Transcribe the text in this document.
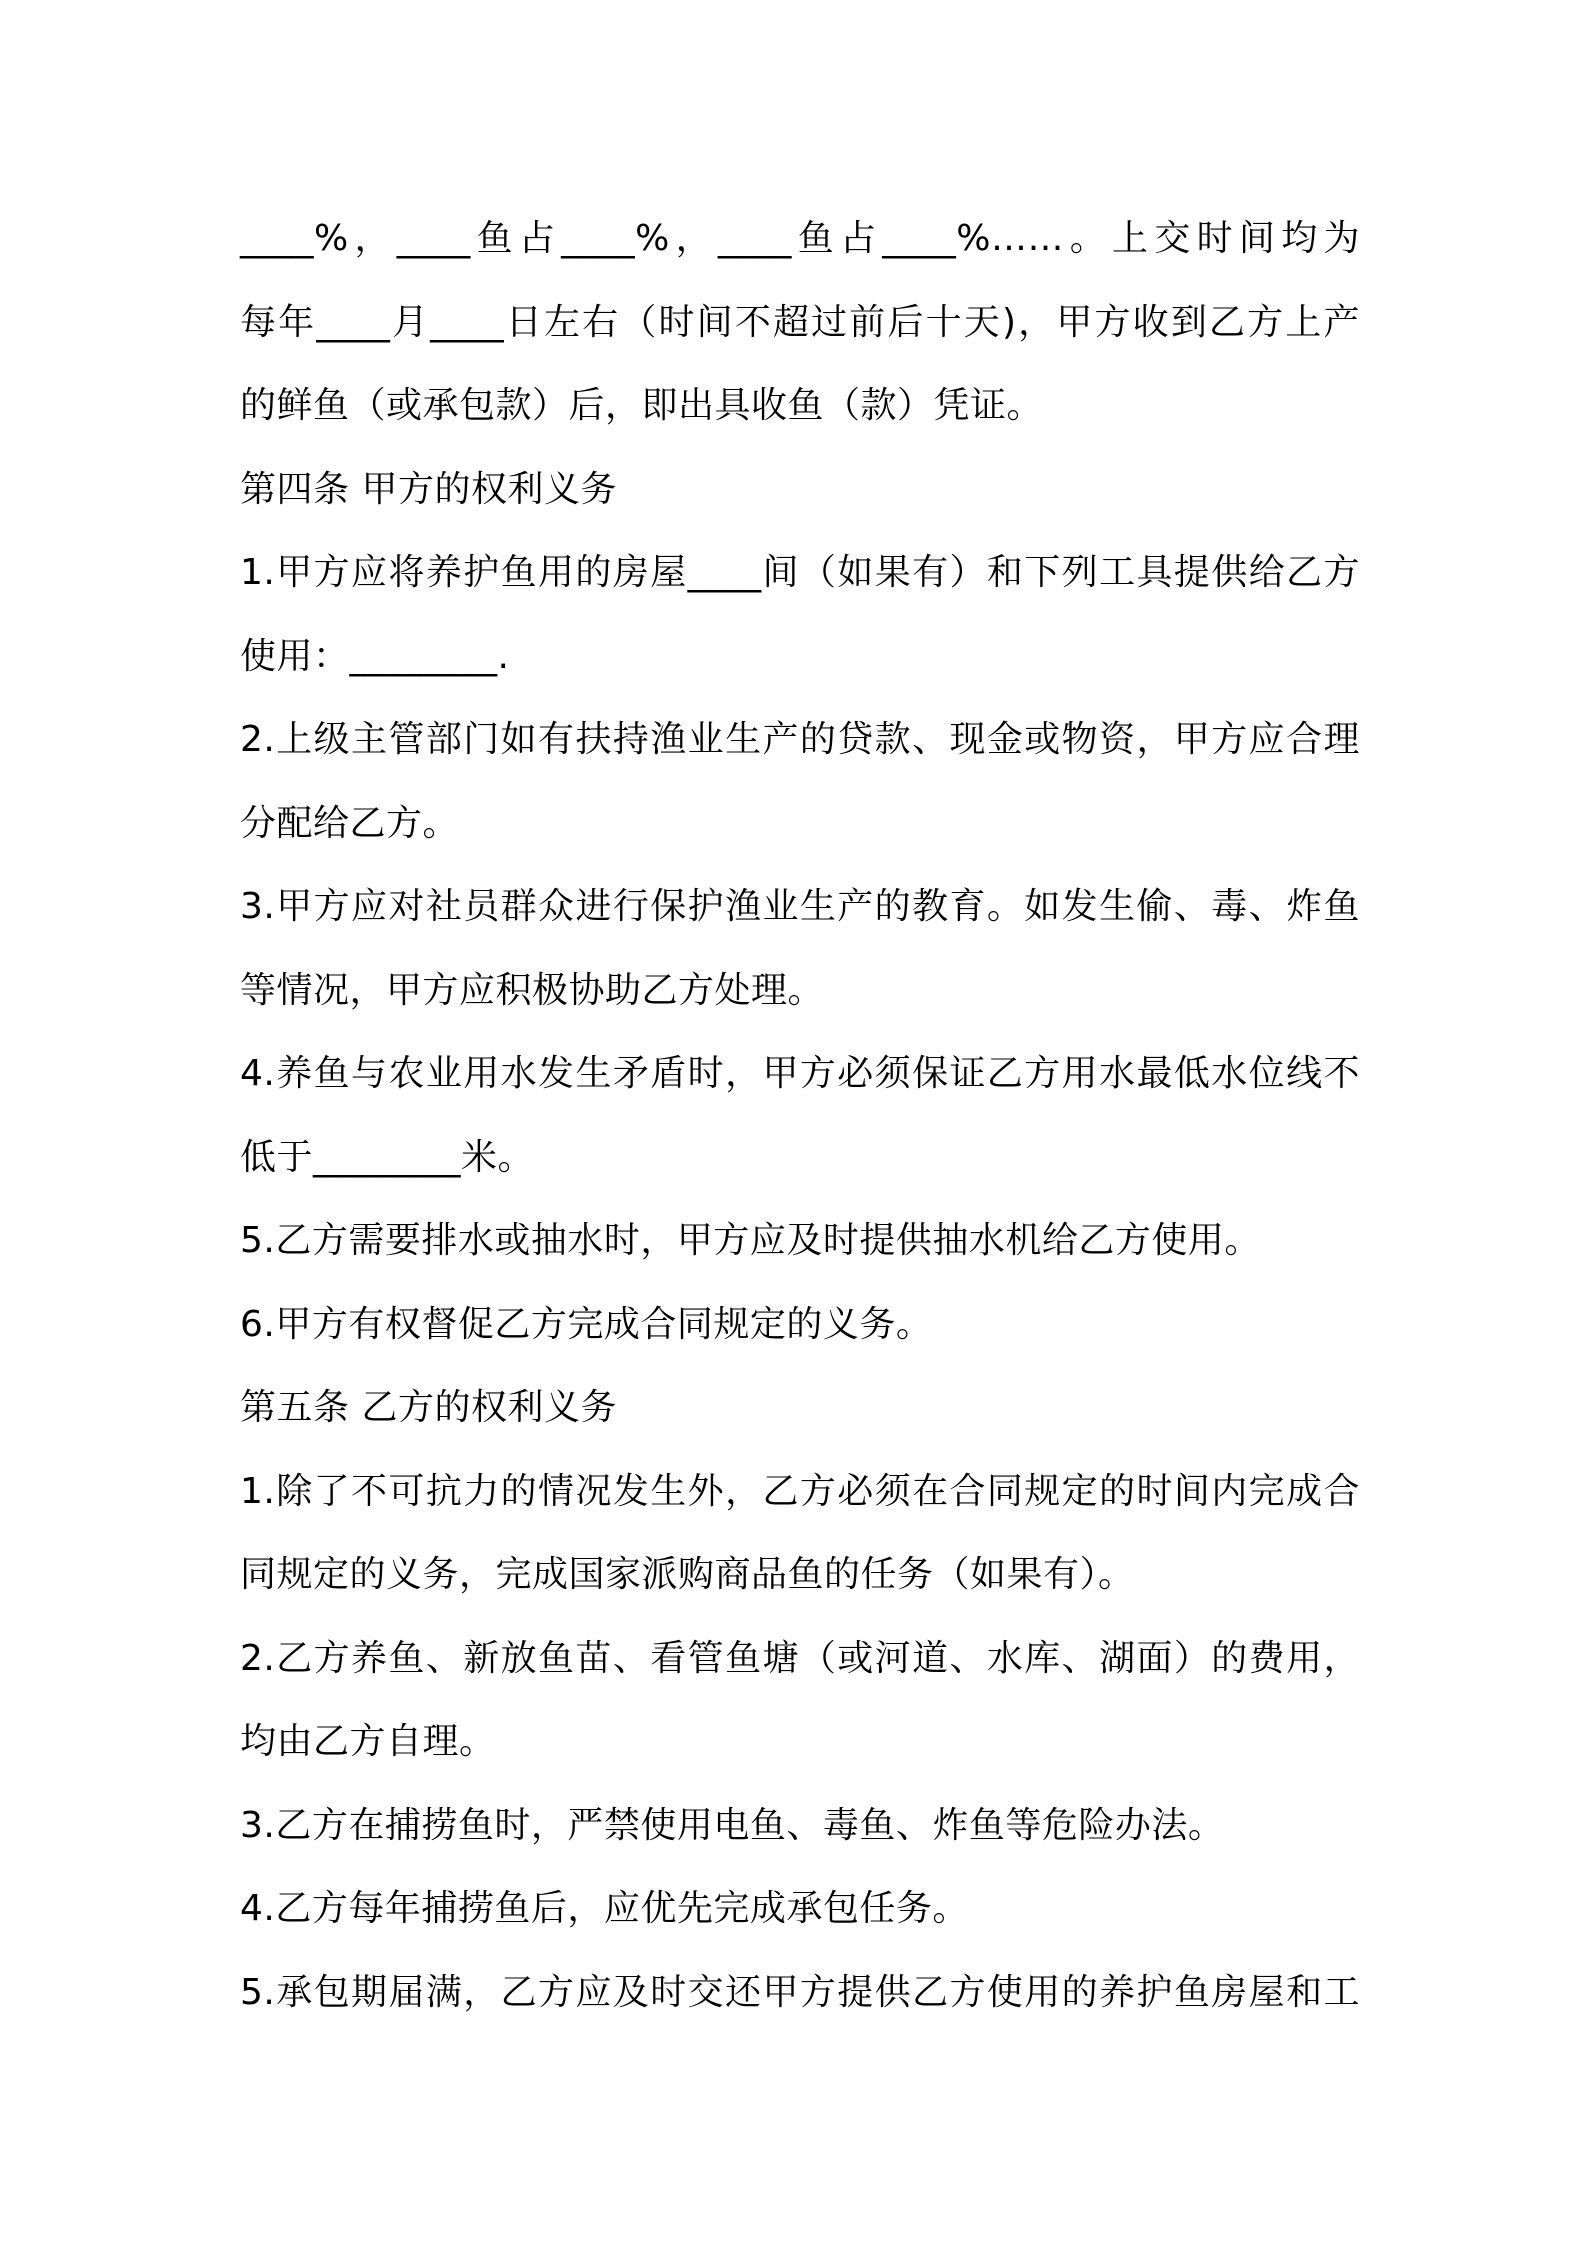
____%，____鱼占____%，____鱼占____%……。上交时间均为
每年____月____日左右（时间不超过前后十天)，甲方收到乙方上产
的鲜鱼（或承包款）后，即出具收鱼（款）凭证。
第四条 甲方的权利义务
1.甲方应将养护鱼用的房屋____间（如果有）和下列工具提供给乙方
使用：________.
2.上级主管部门如有扶持渔业生产的贷款、现金或物资，甲方应合理
分配给乙方。
3.甲方应对社员群众进行保护渔业生产的教育。如发生偷、毒、炸鱼
等情况，甲方应积极协助乙方处理。
4.养鱼与农业用水发生矛盾时，甲方必须保证乙方用水最低水位线不
低于________米。
5.乙方需要排水或抽水时，甲方应及时提供抽水机给乙方使用。
6.甲方有权督促乙方完成合同规定的义务。
第五条 乙方的权利义务
1.除了不可抗力的情况发生外，乙方必须在合同规定的时间内完成合
同规定的义务，完成国家派购商品鱼的任务（如果有）。
2.乙方养鱼、新放鱼苗、看管鱼塘（或河道、水库、湖面）的费用，
均由乙方自理。
3.乙方在捕捞鱼时，严禁使用电鱼、毒鱼、炸鱼等危险办法。
4.乙方每年捕捞鱼后，应优先完成承包任务。
5.承包期届满，乙方应及时交还甲方提供乙方使用的养护鱼房屋和工
